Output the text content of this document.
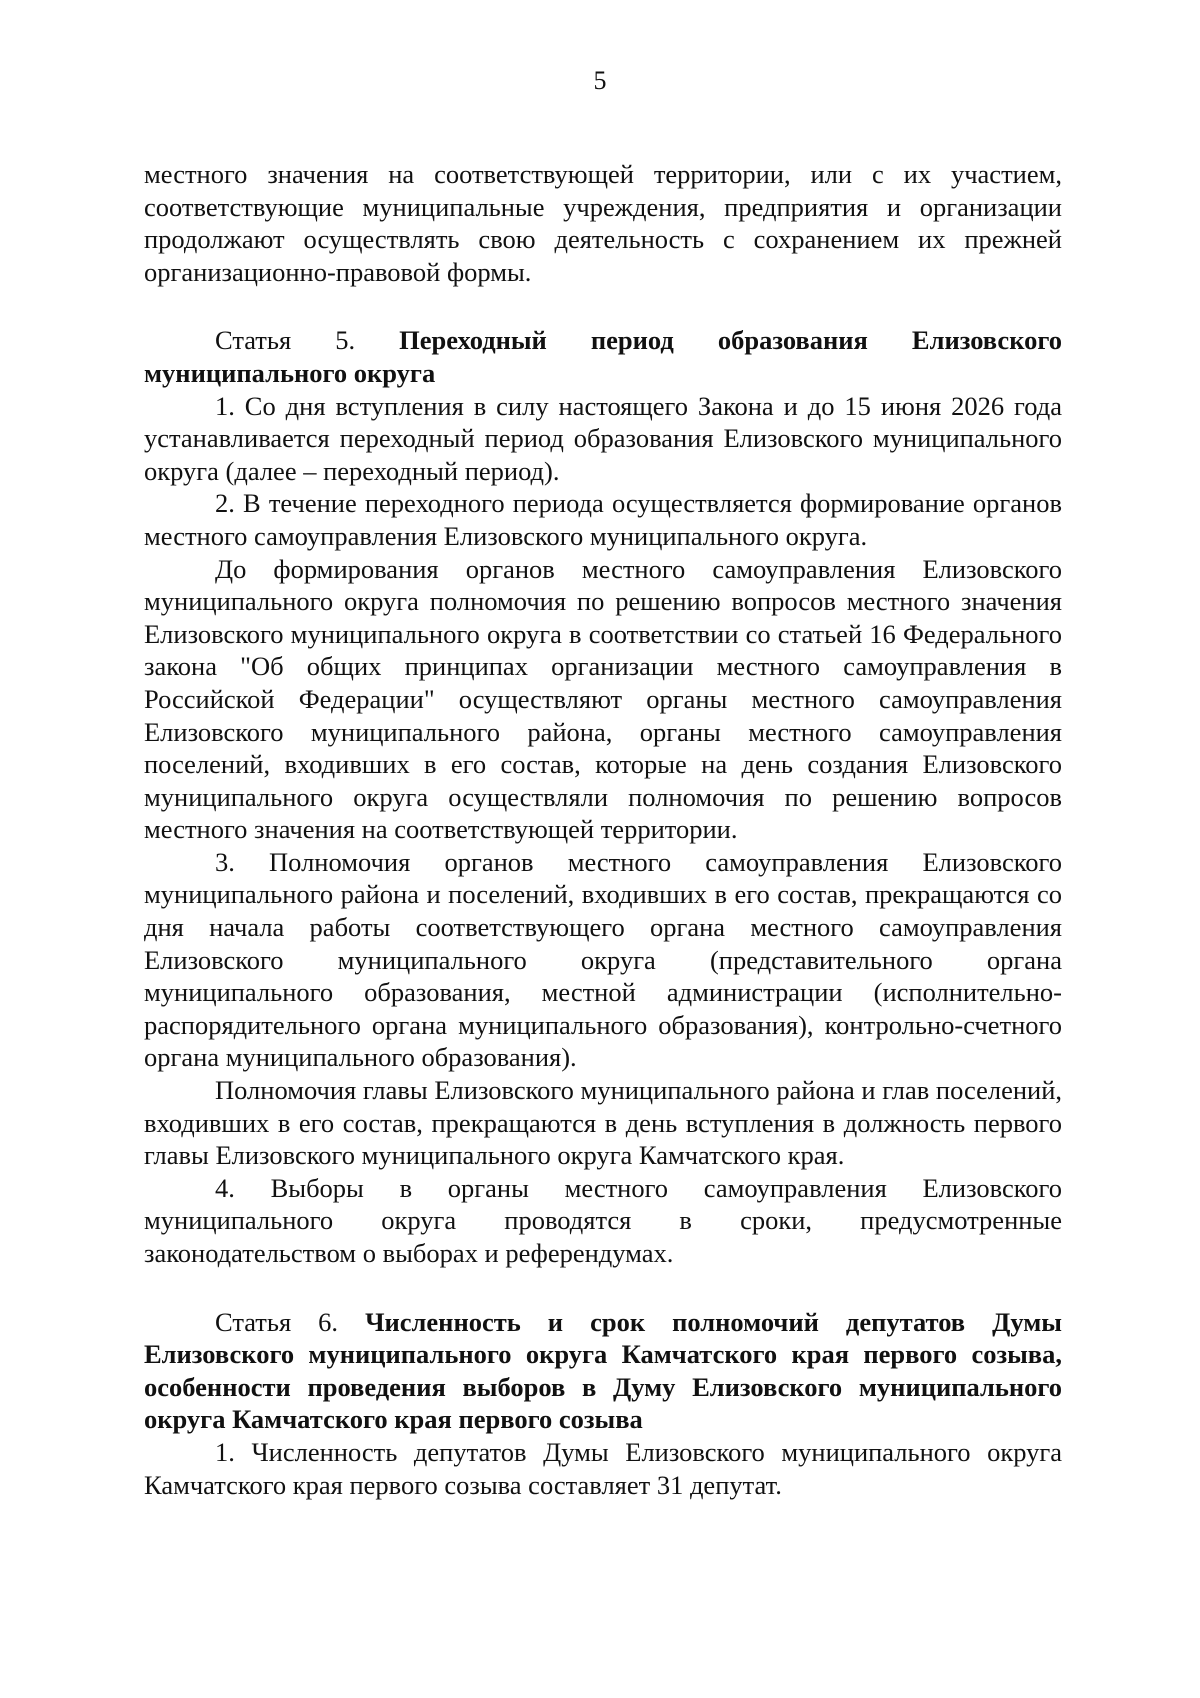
5

местного значения на соответствующей территории, или с их участием, соответствующие муниципальные учреждения, предприятия и организации продолжают осуществлять свою деятельность с сохранением их прежней организационно-правовой формы.

Статья 5. Переходный период образования Елизовского муниципального округа

1. Со дня вступления в силу настоящего Закона и до 15 июня 2026 года устанавливается переходный период образования Елизовского муниципального округа (далее – переходный период).

2. В течение переходного периода осуществляется формирование органов местного самоуправления Елизовского муниципального округа.

До формирования органов местного самоуправления Елизовского муниципального округа полномочия по решению вопросов местного значения Елизовского муниципального округа в соответствии со статьей 16 Федерального закона "Об общих принципах организации местного самоуправления в Российской Федерации" осуществляют органы местного самоуправления Елизовского муниципального района, органы местного самоуправления поселений, входивших в его состав, которые на день создания Елизовского муниципального округа осуществляли полномочия по решению вопросов местного значения на соответствующей территории.

3. Полномочия органов местного самоуправления Елизовского муниципального района и поселений, входивших в его состав, прекращаются со дня начала работы соответствующего органа местного самоуправления Елизовского муниципального округа (представительного органа муниципального образования, местной администрации (исполнительно-распорядительного органа муниципального образования), контрольно-счетного органа муниципального образования).

Полномочия главы Елизовского муниципального района и глав поселений, входивших в его состав, прекращаются в день вступления в должность первого главы Елизовского муниципального округа Камчатского края.

4. Выборы в органы местного самоуправления Елизовского муниципального округа проводятся в сроки, предусмотренные законодательством о выборах и референдумах.

Статья 6. Численность и срок полномочий депутатов Думы Елизовского муниципального округа Камчатского края первого созыва, особенности проведения выборов в Думу Елизовского муниципального округа Камчатского края первого созыва

1. Численность депутатов Думы Елизовского муниципального округа Камчатского края первого созыва составляет 31 депутат.
